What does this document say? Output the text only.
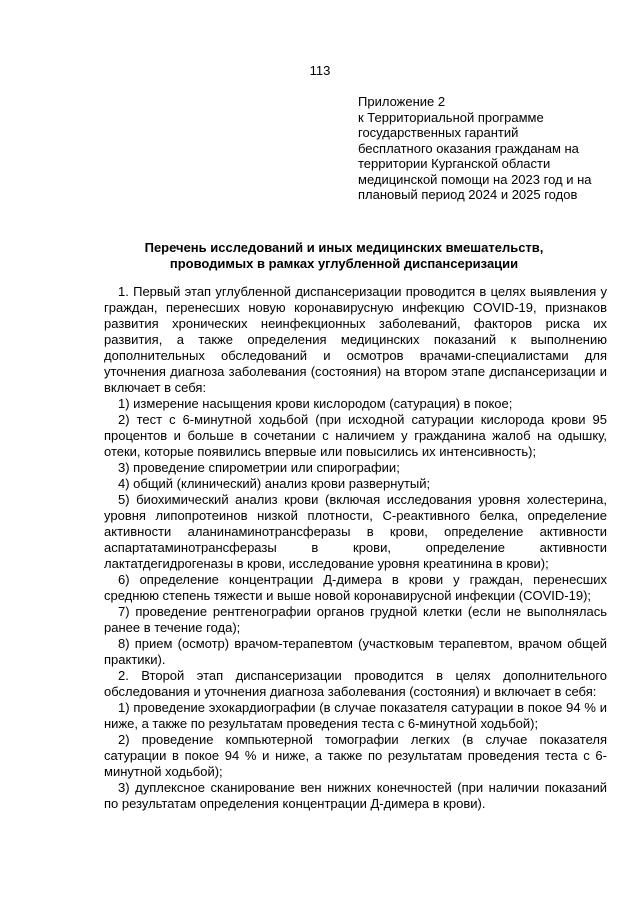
113
Приложение 2
к Территориальной программе
государственных гарантий
бесплатного оказания гражданам на
территории Курганской области
медицинской помощи на 2023 год и на
плановый период 2024 и 2025 годов
Перечень исследований и иных медицинских вмешательств,
проводимых в рамках углубленной диспансеризации

1. Первый этап углубленной диспансеризации проводится в целях выявления у граждан, перенесших новую коронавирусную инфекцию COVID-19, признаков развития хронических неинфекционных заболеваний, факторов риска их развития, а также определения медицинских показаний к выполнению дополнительных обследований и осмотров врачами-специалистами для уточнения диагноза заболевания (состояния) на втором этапе диспансеризации и включает в себя:

1) измерение насыщения крови кислородом (сатурация) в покое;

2) тест с 6-минутной ходьбой (при исходной сатурации кислорода крови 95 процентов и больше в сочетании с наличием у гражданина жалоб на одышку, отеки, которые появились впервые или повысились их интенсивность);

3) проведение спирометрии или спирографии;

4) общий (клинический) анализ крови развернутый;

5) биохимический анализ крови (включая исследования уровня холестерина, уровня липопротеинов низкой плотности, С-реактивного белка, определение активности аланинаминотрансферазы в крови, определение активности аспартатаминотрансферазы в крови, определение активности лактатдегидрогеназы в крови, исследование уровня креатинина в крови);

6) определение концентрации Д-димера в крови у граждан, перенесших среднюю степень тяжести и выше новой коронавирусной инфекции (COVID-19);

7) проведение рентгенографии органов грудной клетки (если не выполнялась ранее в течение года);

8) прием (осмотр) врачом-терапевтом (участковым терапевтом, врачом общей практики).

2. Второй этап диспансеризации проводится в целях дополнительного обследования и уточнения диагноза заболевания (состояния) и включает в себя:

1) проведение эхокардиографии (в случае показателя сатурации в покое 94 % и ниже, а также по результатам проведения теста с 6-минутной ходьбой);

2) проведение компьютерной томографии легких (в случае показателя сатурации в покое 94 % и ниже, а также по результатам проведения теста с 6-минутной ходьбой);

3) дуплексное сканирование вен нижних конечностей (при наличии показаний по результатам определения концентрации Д-димера в крови).
